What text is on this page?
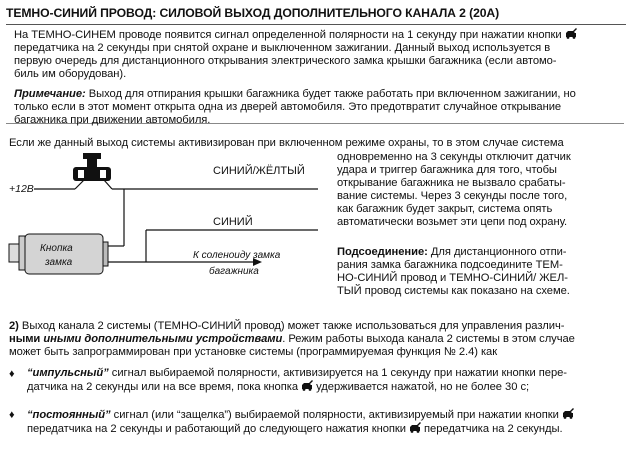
ТЕМНО-СИНИЙ ПРОВОД: СИЛОВОЙ ВЫХОД ДОПОЛНИТЕЛЬНОГО КАНАЛА 2 (20А)
На ТЕМНО-СИНЕМ проводе появится сигнал определенной полярности на 1 секунду при нажатии кнопки
передатчика на 2 секунды при снятой охране и выключенном зажигании. Данный выход используется в
первую очередь для дистанционного открывания электрического замка крышки багажника (если автомо-
биль им оборудован).
Примечание: Выход для отпирания крышки багажника будет также работать при включенном зажигании, но
только если в этот момент открыта одна из дверей автомобиля. Это предотвратит случайное открывание
багажника при движении автомобиля.
Если же данный выход системы активизирован при включенном режиме охраны, то в этом случае система
одновременно на 3 секунды отключит датчик
удара и триггер багажника для того, чтобы
открывание багажника не вызвало срабаты-
вание системы. Через 3 секунды после того,
как багажник будет закрыт, система опять
автоматически возьмет эти цепи под охрану.
Подсоединение: Для дистанционного отпи-
рания замка багажника подсоедините ТЕМ-
НО-СИНИЙ провод и ТЕМНО-СИНИЙ/ ЖЕЛ-
ТЫЙ провод системы как показано на схеме.
+12В
СИНИЙ/ЖЁЛТЫЙ
СИНИЙ
К соленоиду замка
багажника
Кнопка
замка
2) Выход канала 2 системы (ТЕМНО-СИНИЙ провод) может также использоваться для управления различ-
ными иными дополнительными устройствами. Режим работы выхода канала 2 системы в этом случае
может быть запрограммирован при установке системы (программируемая функция № 2.4) как
♦ “импульсный” сигнал выбираемой полярности, активизируется на 1 секунду при нажатии кнопки пере-
датчика на 2 секунды или на все время, пока кнопка  удерживается нажатой, но не более 30 с;
♦ “постоянный” сигнал (или “защелка”) выбираемой полярности, активизируемый при нажатии кнопки
передатчика на 2 секунды и работающий до следующего нажатия кнопки  передатчика на 2 секунды.
